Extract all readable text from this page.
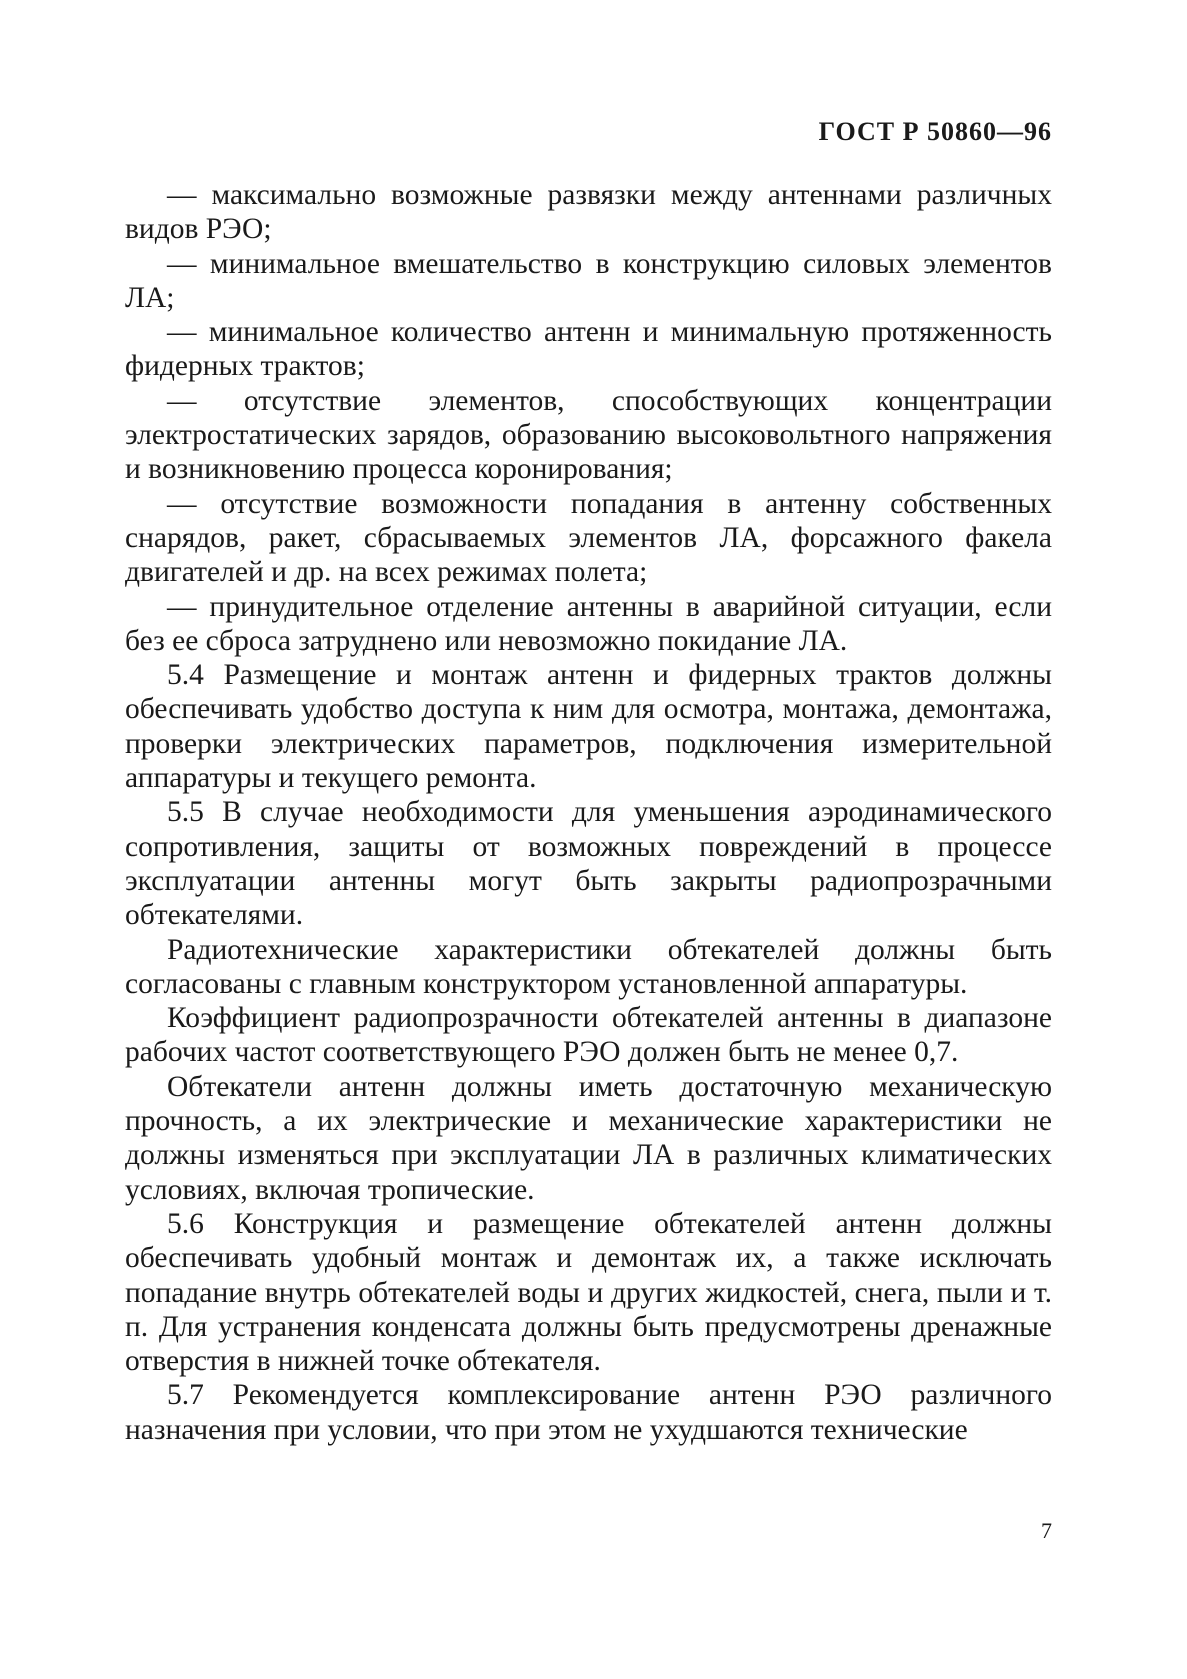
ГОСТ Р 50860—96

— максимально возможные развязки между антеннами различных видов РЭО;

— минимальное вмешательство в конструкцию силовых элементов ЛА;

— минимальное количество антенн и минимальную протяженность фидерных трактов;

— отсутствие элементов, способствующих концентрации электростатических зарядов, образованию высоковольтного напряжения и возникновению процесса коронирования;

— отсутствие возможности попадания в антенну собственных снарядов, ракет, сбрасываемых элементов ЛА, форсажного факела двигателей и др. на всех режимах полета;

— принудительное отделение антенны в аварийной ситуации, если без ее сброса затруднено или невозможно покидание ЛА.

5.4 Размещение и монтаж антенн и фидерных трактов должны обеспечивать удобство доступа к ним для осмотра, монтажа, демонтажа, проверки электрических параметров, подключения измерительной аппаратуры и текущего ремонта.

5.5 В случае необходимости для уменьшения аэродинамического сопротивления, защиты от возможных повреждений в процессе эксплуатации антенны могут быть закрыты радиопрозрачными обтекателями.

Радиотехнические характеристики обтекателей должны быть согласованы с главным конструктором установленной аппаратуры.

Коэффициент радиопрозрачности обтекателей антенны в диапазоне рабочих частот соответствующего РЭО должен быть не менее 0,7.

Обтекатели антенн должны иметь достаточную механическую прочность, а их электрические и механические характеристики не должны изменяться при эксплуатации ЛА в различных климатических условиях, включая тропические.

5.6 Конструкция и размещение обтекателей антенн должны обеспечивать удобный монтаж и демонтаж их, а также исключать попадание внутрь обтекателей воды и других жидкостей, снега, пыли и т. п. Для устранения конденсата должны быть предусмотрены дренажные отверстия в нижней точке обтекателя.

5.7 Рекомендуется комплексирование антенн РЭО различного назначения при условии, что при этом не ухудшаются технические

7
